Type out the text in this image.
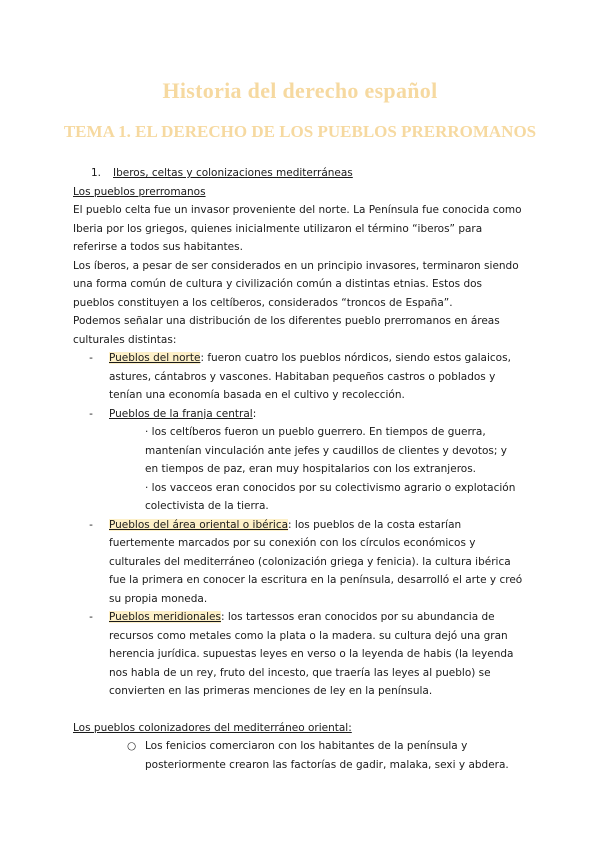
Historia del derecho español
TEMA 1. EL DERECHO DE LOS PUEBLOS PRERROMANOS
1.	Iberos, celtas y colonizaciones mediterráneas

Los pueblos prerromanos

El pueblo celta fue un invasor proveniente del norte. La Península fue conocida como Iberia por los griegos, quienes inicialmente utilizaron el término “iberos” para referirse a todos sus habitantes.

Los íberos, a pesar de ser considerados en un principio invasores, terminaron siendo una forma común de cultura y civilización común a distintas etnias. Estos dos pueblos constituyen a los celtíberos, considerados “troncos de España”.

Podemos señalar una distribución de los diferentes pueblo prerromanos en áreas culturales distintas:

-	Pueblos del norte: fueron cuatro los pueblos nórdicos, siendo estos galaicos, astures, cántabros y vascones. Habitaban pequeños castros o poblados y tenían una economía basada en el cultivo y recolección.
-	Pueblos de la franja central:

· los celtíberos fueron un pueblo guerrero. En tiempos de guerra, mantenían vinculación ante jefes y caudillos de clientes y devotos; y en tiempos de paz, eran muy hospitalarios con los extranjeros.

· los vacceos eran conocidos por su colectivismo agrario o explotación colectivista de la tierra.

-	Pueblos del área oriental o ibérica: los pueblos de la costa estarían fuertemente marcados por su conexión con los círculos económicos y culturales del mediterráneo (colonización griega y fenicia). la cultura ibérica fue la primera en conocer la escritura en la península, desarrolló el arte y creó su propia moneda.
-	Pueblos meridionales: los tartessos eran conocidos por su abundancia de recursos como metales como la plata o la madera. su cultura dejó una gran herencia jurídica. supuestas leyes en verso o la leyenda de habis (la leyenda nos habla de un rey, fruto del incesto, que traería las leyes al pueblo) se convierten en las primeras menciones de ley en la península.

Los pueblos colonizadores del mediterráneo oriental:

○ Los fenicios comerciaron con los habitantes de la península y posteriormente crearon las factorías de gadir, malaka, sexi y abdera.
